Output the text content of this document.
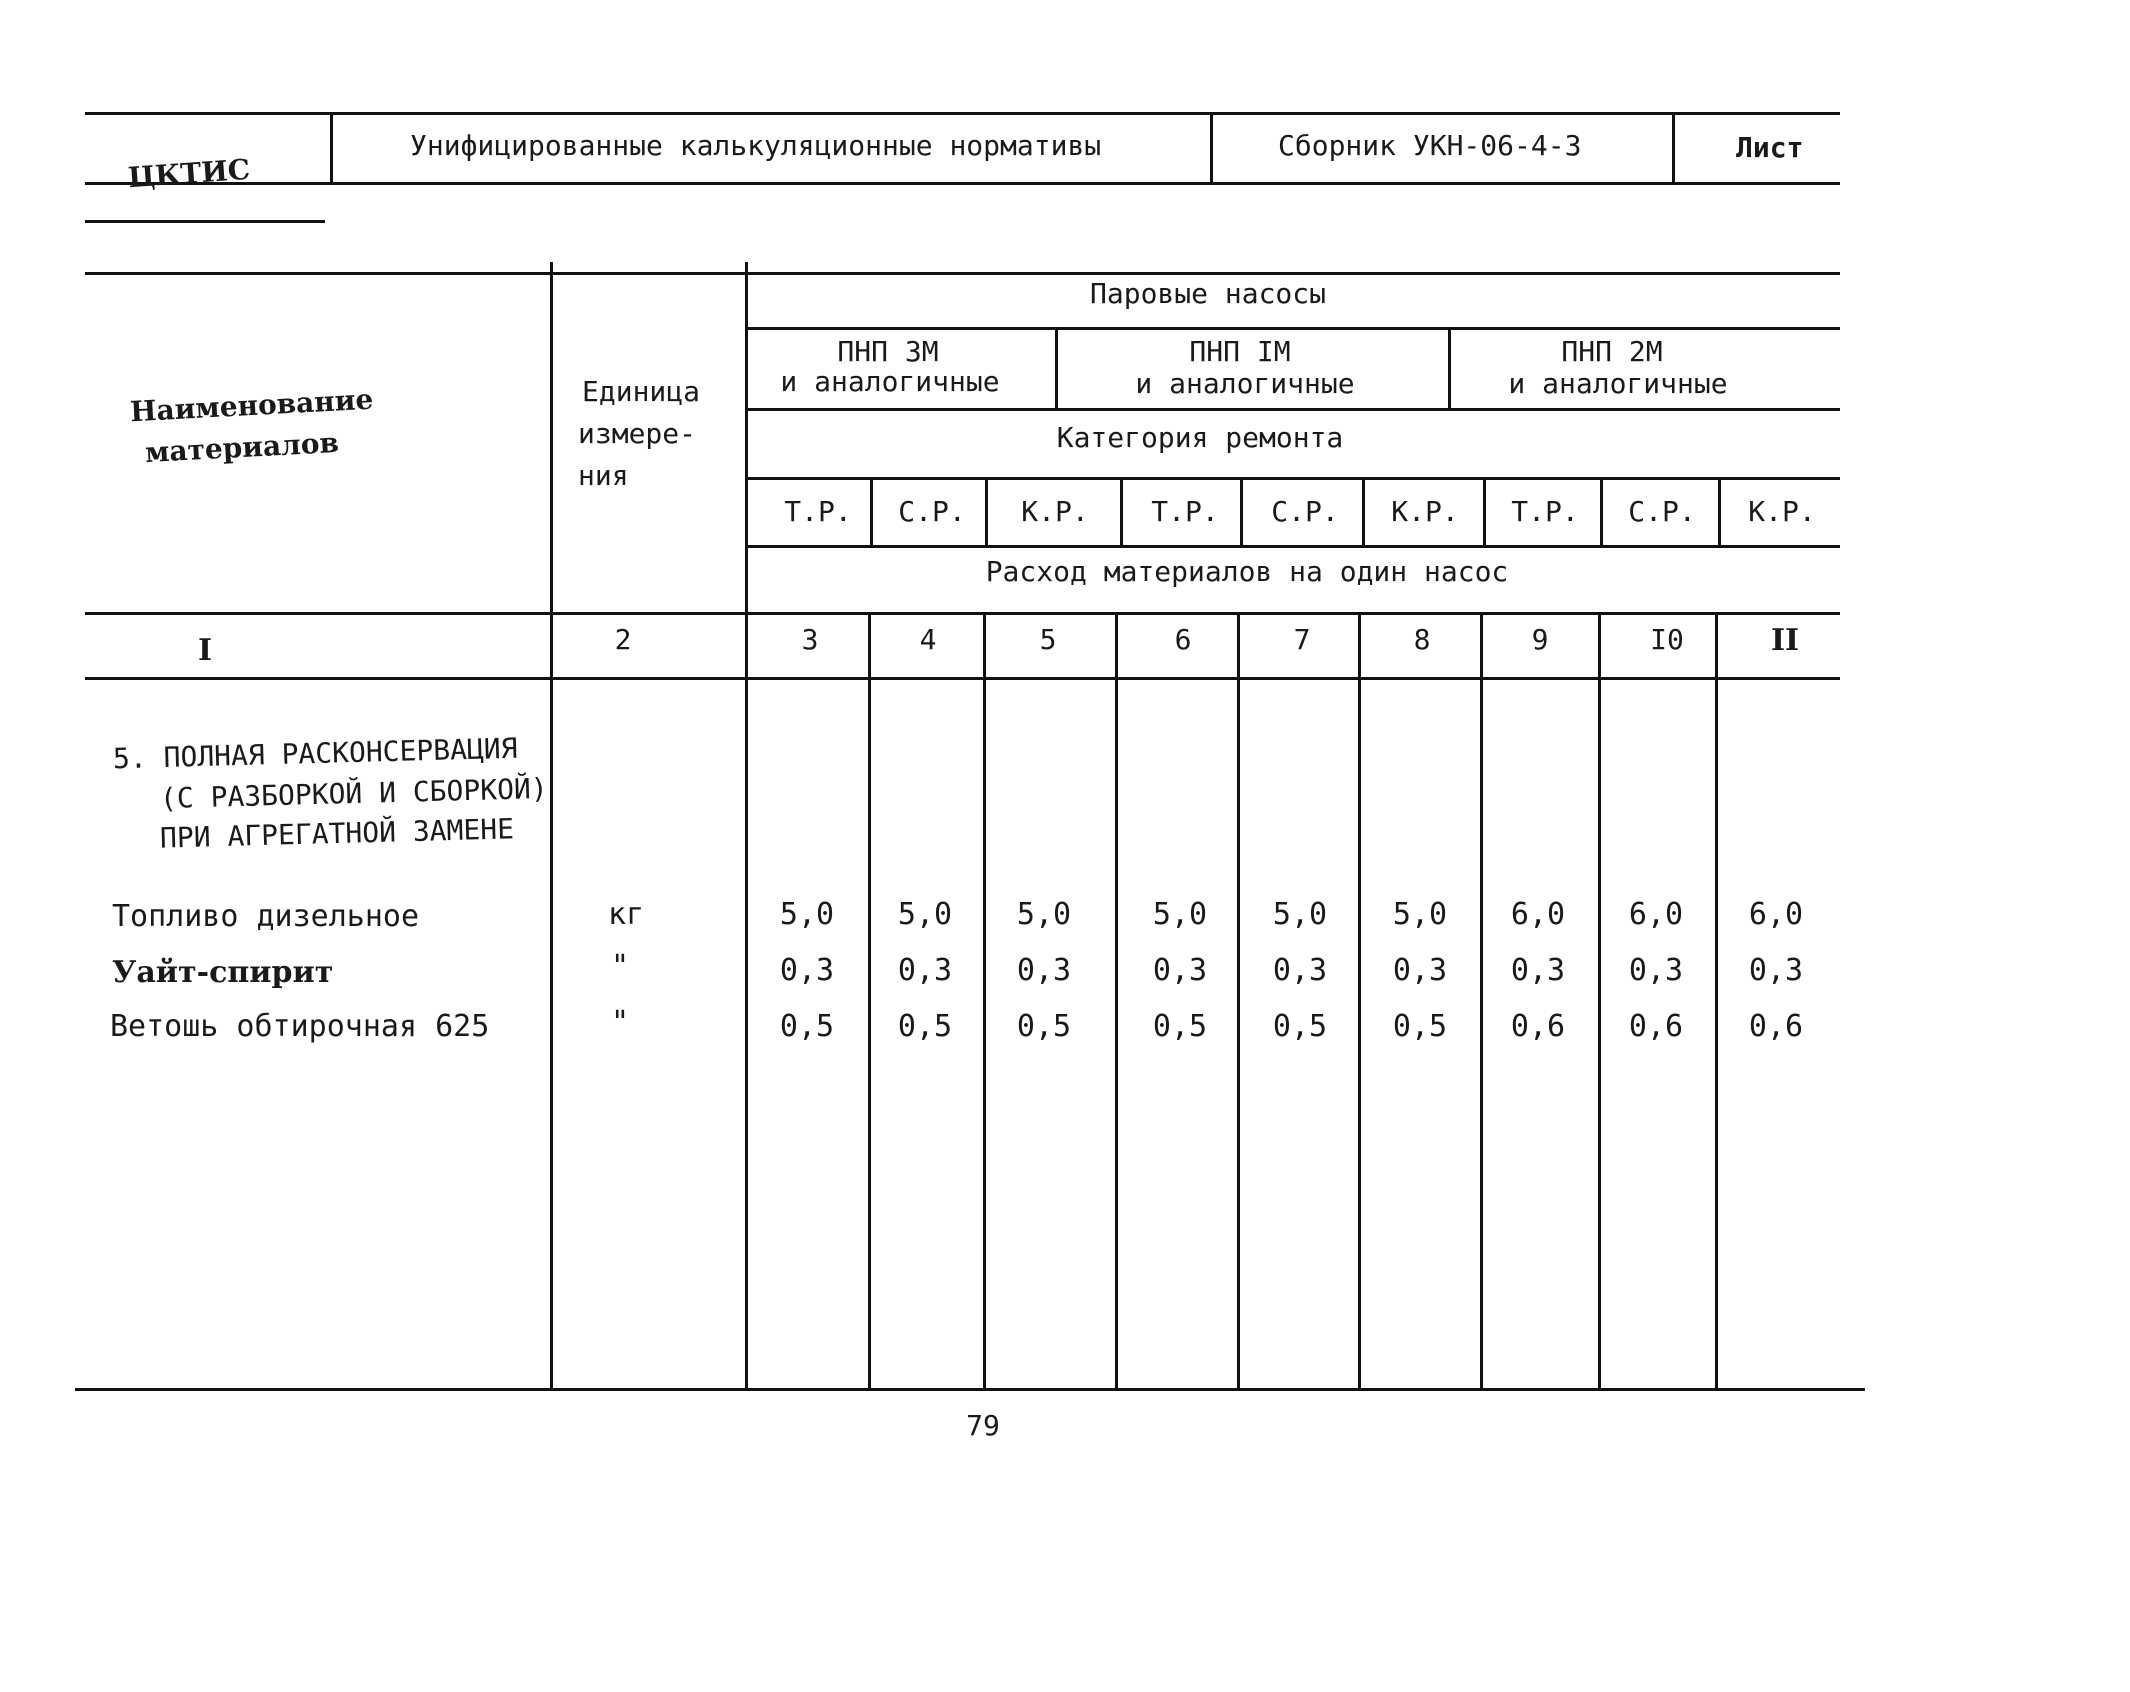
ЦКТИС
Унифицированные калькуляционные нормативы	Сборник УКН-06-4-3	Лист
Наименование
материалов
Единица
измере-
ния
Паровые насосы
ПНП 3М
и аналогичные
ПНП IМ
и аналогичные
ПНП 2М
и аналогичные
Категория ремонта
Т.Р. С.Р. К.Р. Т.Р. С.Р. К.Р. Т.Р. С.Р. К.Р.
Расход материалов на один насос
I	2	3	4	5	6	7	8	9	I0	II
5. ПОЛНАЯ РАСКОНСЕРВАЦИЯ
(С РАЗБОРКОЙ И СБОРКОЙ)
ПРИ АГРЕГАТНОЙ ЗАМЕНЕ
Топливо дизельное	кг	5,0 5,0 5,0	5,0 5,0 5,0 6,0 6,0 6,0
Уайт-спирит	"	0,3 0,3 0,3	0,3 0,3 0,3 0,3 0,3 0,3
Ветошь обтирочная 625	"	0,5 0,5 0,5	0,5 0,5 0,5 0,6 0,6 0,6
79
